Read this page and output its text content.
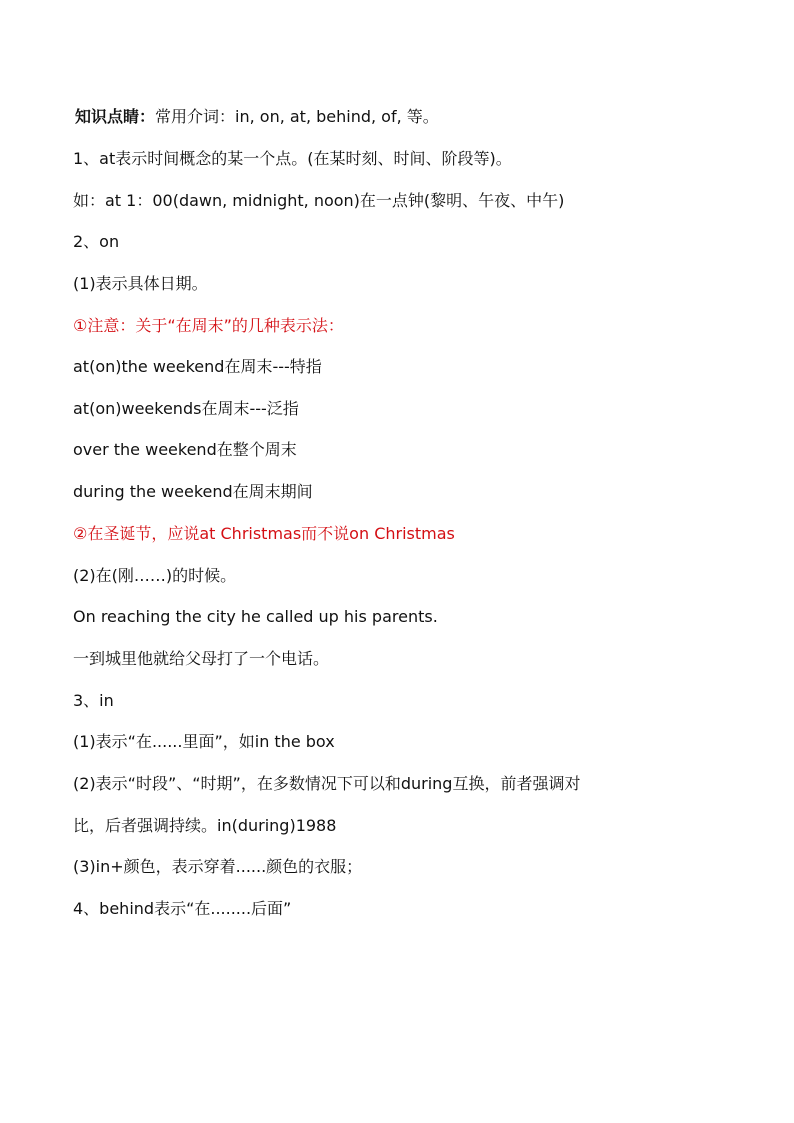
知识点睛：常用介词：in, on, at, behind, of, 等。
1、at表示时间概念的某一个点。(在某时刻、时间、阶段等)。
如：at 1：00(dawn, midnight, noon)在一点钟(黎明、午夜、中午)
2、on
(1)表示具体日期。
①注意：关于“在周末”的几种表示法：
at(on)the weekend在周末---特指
at(on)weekends在周末---泛指
over the weekend在整个周末
during the weekend在周末期间
②在圣诞节，应说at Christmas而不说on Christmas
(2)在(刚……)的时候。
On reaching the city he called up his parents.
一到城里他就给父母打了一个电话。
3、in
(1)表示“在......里面”，如in the box
(2)表示“时段”、“时期”，在多数情况下可以和during互换，前者强调对
比，后者强调持续。in(during)1988
(3)in+颜色，表示穿着......颜色的衣服；
4、behind表示“在........后面”
